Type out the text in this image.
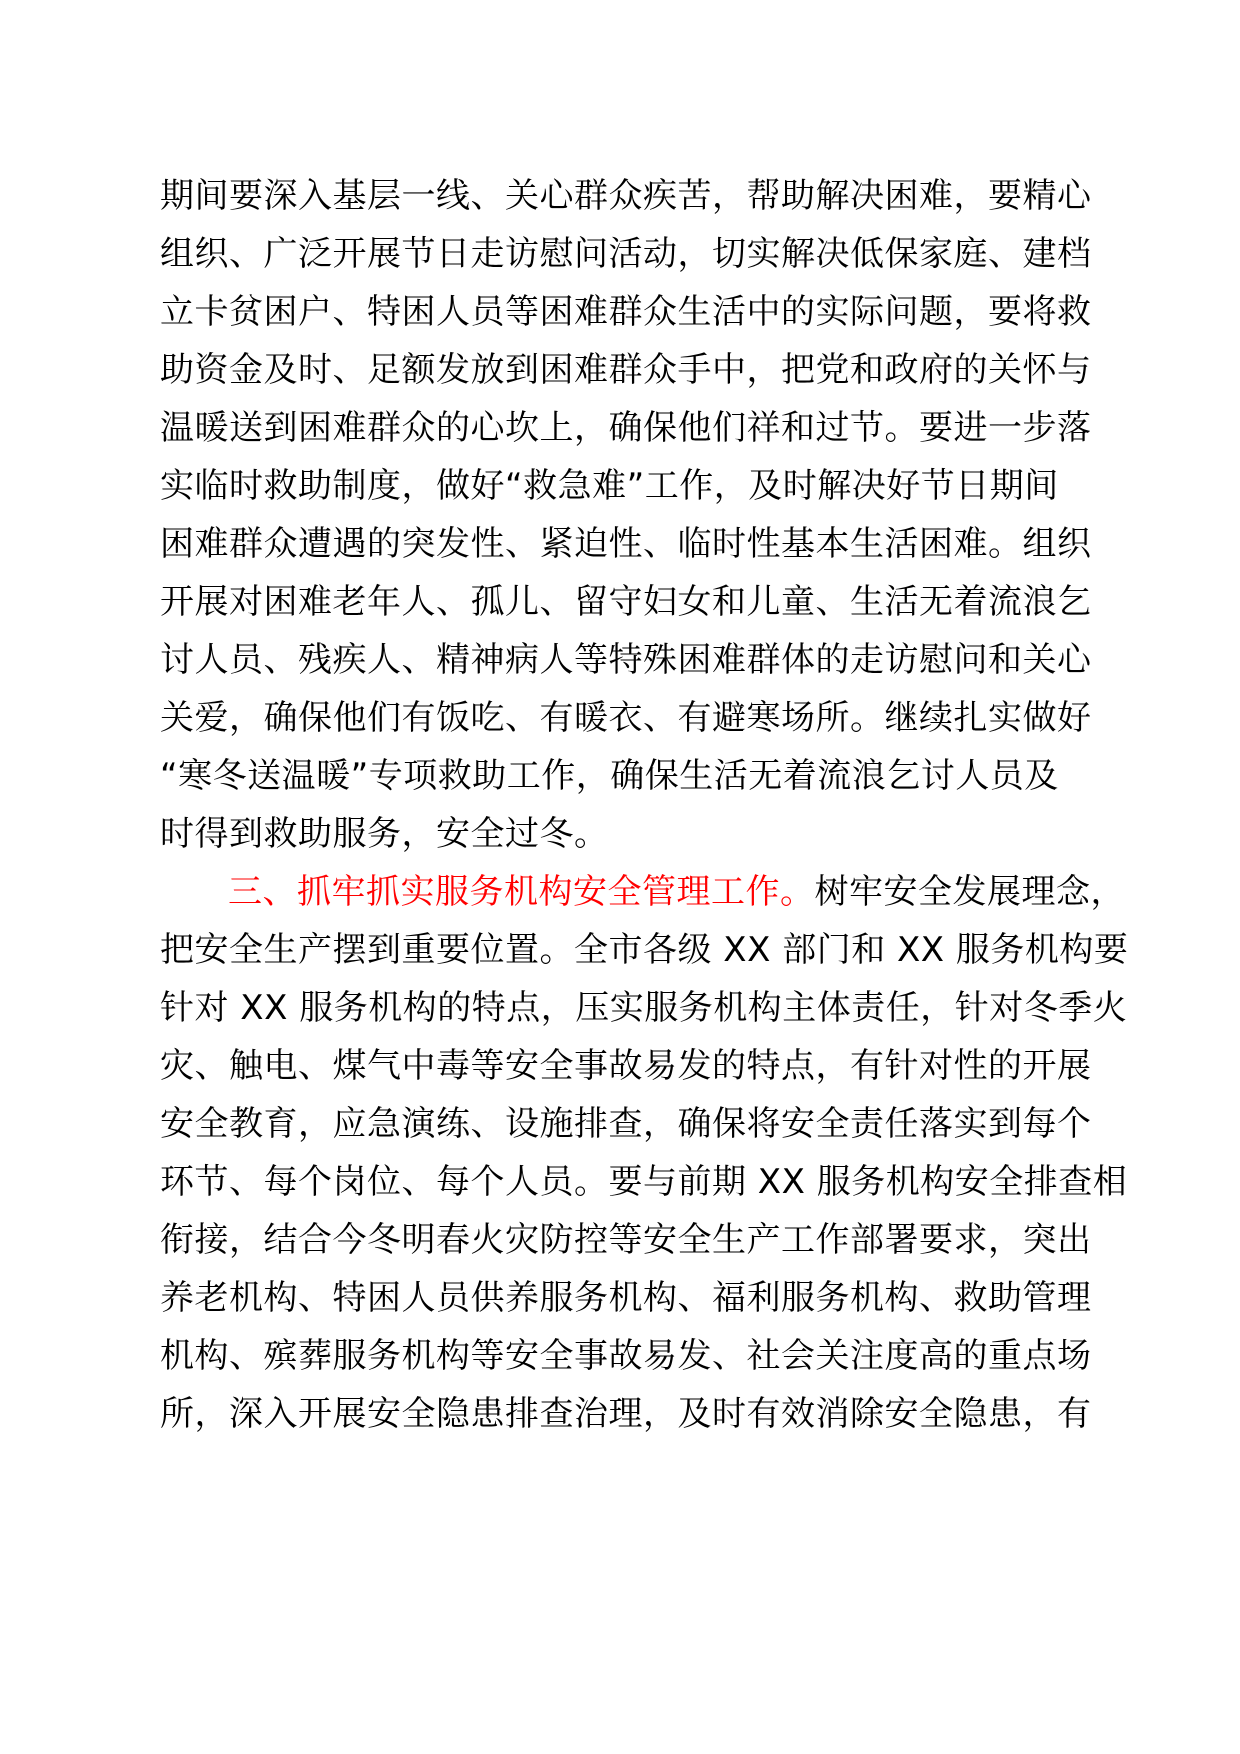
期间要深入基层一线、关心群众疾苦，帮助解决困难，要精心
组织、广泛开展节日走访慰问活动，切实解决低保家庭、建档
立卡贫困户、特困人员等困难群众生活中的实际问题，要将救
助资金及时、足额发放到困难群众手中，把党和政府的关怀与
温暖送到困难群众的心坎上，确保他们祥和过节。要进一步落
实临时救助制度，做好“救急难”工作，及时解决好节日期间
困难群众遭遇的突发性、紧迫性、临时性基本生活困难。组织
开展对困难老年人、孤儿、留守妇女和儿童、生活无着流浪乞
讨人员、残疾人、精神病人等特殊困难群体的走访慰问和关心
关爱，确保他们有饭吃、有暖衣、有避寒场所。继续扎实做好
“寒冬送温暖”专项救助工作，确保生活无着流浪乞讨人员及
时得到救助服务，安全过冬。
三、抓牢抓实服务机构安全管理工作。树牢安全发展理念，
把安全生产摆到重要位置。全市各级 XX 部门和 XX 服务机构要
针对 XX 服务机构的特点，压实服务机构主体责任，针对冬季火
灾、触电、煤气中毒等安全事故易发的特点，有针对性的开展
安全教育，应急演练、设施排查，确保将安全责任落实到每个
环节、每个岗位、每个人员。要与前期 XX 服务机构安全排查相
衔接，结合今冬明春火灾防控等安全生产工作部署要求，突出
养老机构、特困人员供养服务机构、福利服务机构、救助管理
机构、殡葬服务机构等安全事故易发、社会关注度高的重点场
所，深入开展安全隐患排查治理，及时有效消除安全隐患，有
